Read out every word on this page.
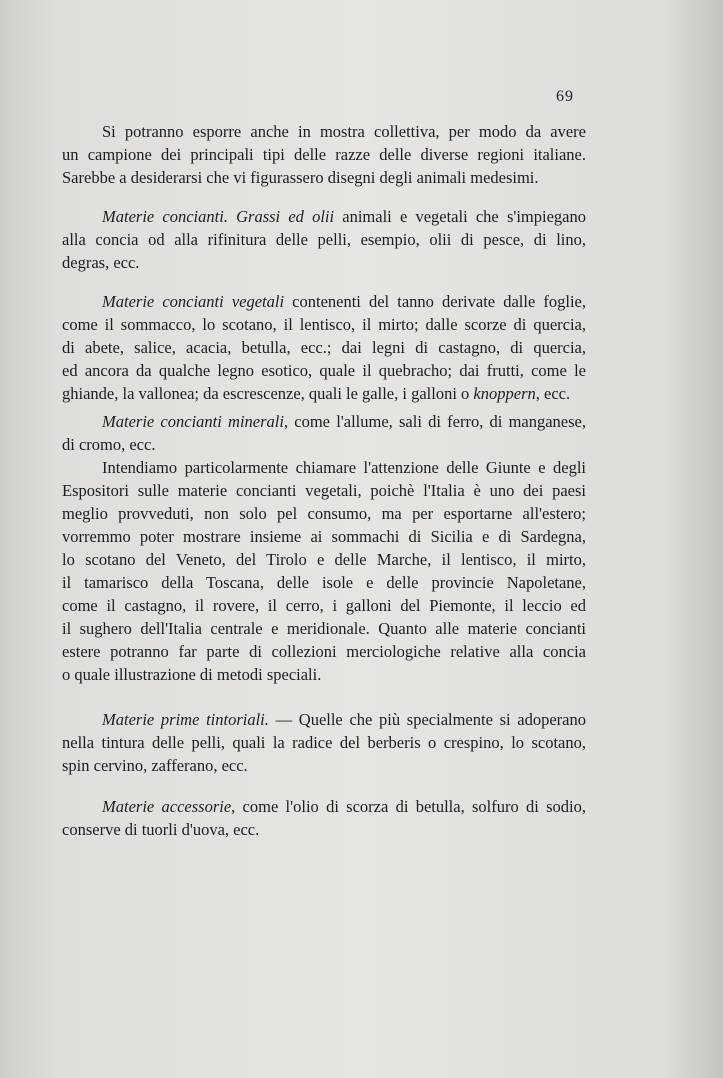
69
Si potranno esporre anche in mostra collettiva, per modo da avere
un campione dei principali tipi delle razze delle diverse regioni italiane.
Sarebbe a desiderarsi che vi figurassero disegni degli animali medesimi.
Materie concianti. Grassi ed olii animali e vegetali che s'impiegano
alla concia od alla rifinitura delle pelli, esempio, olii di pesce, di lino,
degras, ecc.
Materie concianti vegetali contenenti del tanno derivate dalle foglie,
come il sommacco, lo scotano, il lentisco, il mirto; dalle scorze di quercia,
di abete, salice, acacia, betulla, ecc.; dai legni di castagno, di quercia,
ed ancora da qualche legno esotico, quale il quebracho; dai frutti, come le
ghiande, la vallonea; da escrescenze, quali le galle, i galloni o knoppern, ecc.
Materie concianti minerali, come l'allume, sali di ferro, di manganese,
di cromo, ecc.
Intendiamo particolarmente chiamare l'attenzione delle Giunte e degli
Espositori sulle materie concianti vegetali, poichè l'Italia è uno dei paesi
meglio provveduti, non solo pel consumo, ma per esportarne all'estero;
vorremmo poter mostrare insieme ai sommachi di Sicilia e di Sardegna,
lo scotano del Veneto, del Tirolo e delle Marche, il lentisco, il mirto,
il tamarisco della Toscana, delle isole e delle provincie Napoletane,
come il castagno, il rovere, il cerro, i galloni del Piemonte, il leccio ed
il sughero dell'Italia centrale e meridionale. Quanto alle materie concianti
estere potranno far parte di collezioni merciologiche relative alla concia
o quale illustrazione di metodi speciali.
Materie prime tintoriali. — Quelle che più specialmente si adoperano
nella tintura delle pelli, quali la radice del berberis o crespino, lo scotano,
spin cervino, zafferano, ecc.
Materie accessorie, come l'olio di scorza di betulla, solfuro di sodio,
conserve di tuorli d'uova, ecc.
